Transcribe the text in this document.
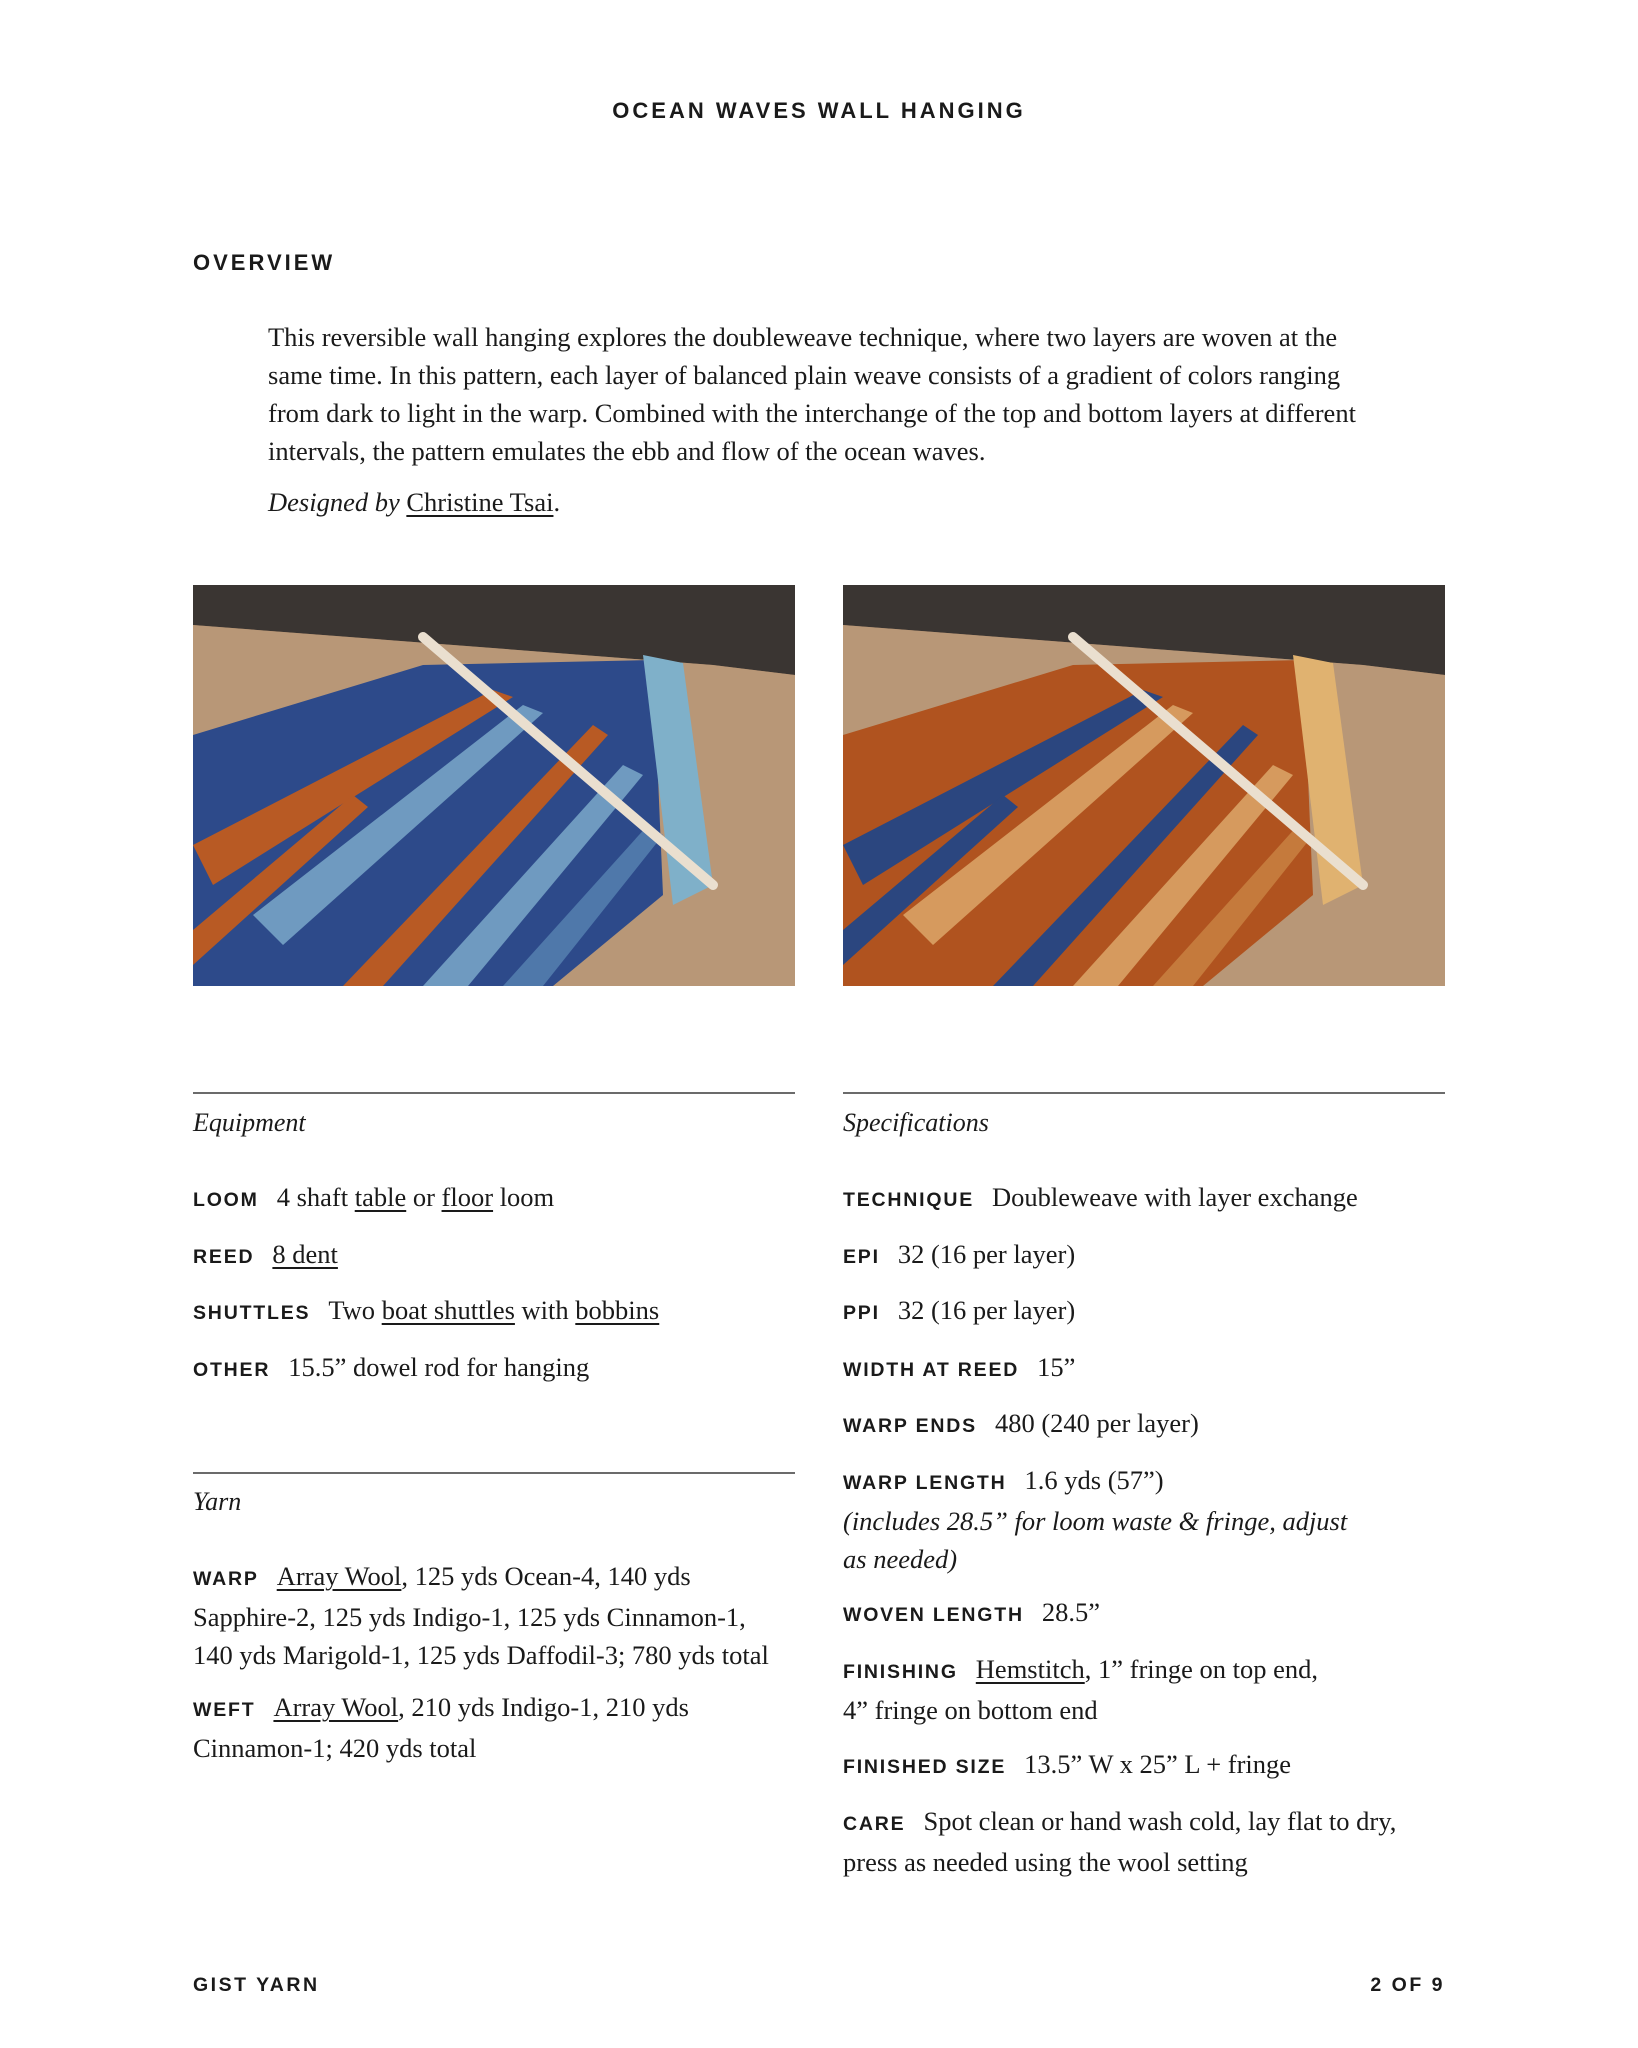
OCEAN WAVES WALL HANGING
OVERVIEW
This reversible wall hanging explores the doubleweave technique, where two layers are woven at the same time. In this pattern, each layer of balanced plain weave consists of a gradient of colors ranging from dark to light in the warp. Combined with the interchange of the top and bottom layers at different intervals, the pattern emulates the ebb and flow of the ocean waves.
Designed by Christine Tsai.
Equipment
LOOM 4 shaft table or floor loom
REED 8 dent
SHUTTLES Two boat shuttles with bobbins
OTHER 15.5” dowel rod for hanging
Yarn
WARP Array Wool, 125 yds Ocean-4, 140 yds
Sapphire-2, 125 yds Indigo-1, 125 yds Cinnamon-1,
140 yds Marigold-1, 125 yds Daffodil-3; 780 yds total
WEFT Array Wool, 210 yds Indigo-1, 210 yds
Cinnamon-1; 420 yds total
Specifications
TECHNIQUE Doubleweave with layer exchange
EPI 32 (16 per layer)
PPI 32 (16 per layer)
WIDTH AT REED 15”
WARP ENDS 480 (240 per layer)
WARP LENGTH 1.6 yds (57”)
(includes 28.5” for loom waste & fringe, adjust
as needed)
WOVEN LENGTH 28.5”
FINISHING Hemstitch, 1” fringe on top end,
4” fringe on bottom end
FINISHED SIZE 13.5” W x 25” L + fringe
CARE Spot clean or hand wash cold, lay flat to dry,
press as needed using the wool setting
GIST YARN	2 OF 9
